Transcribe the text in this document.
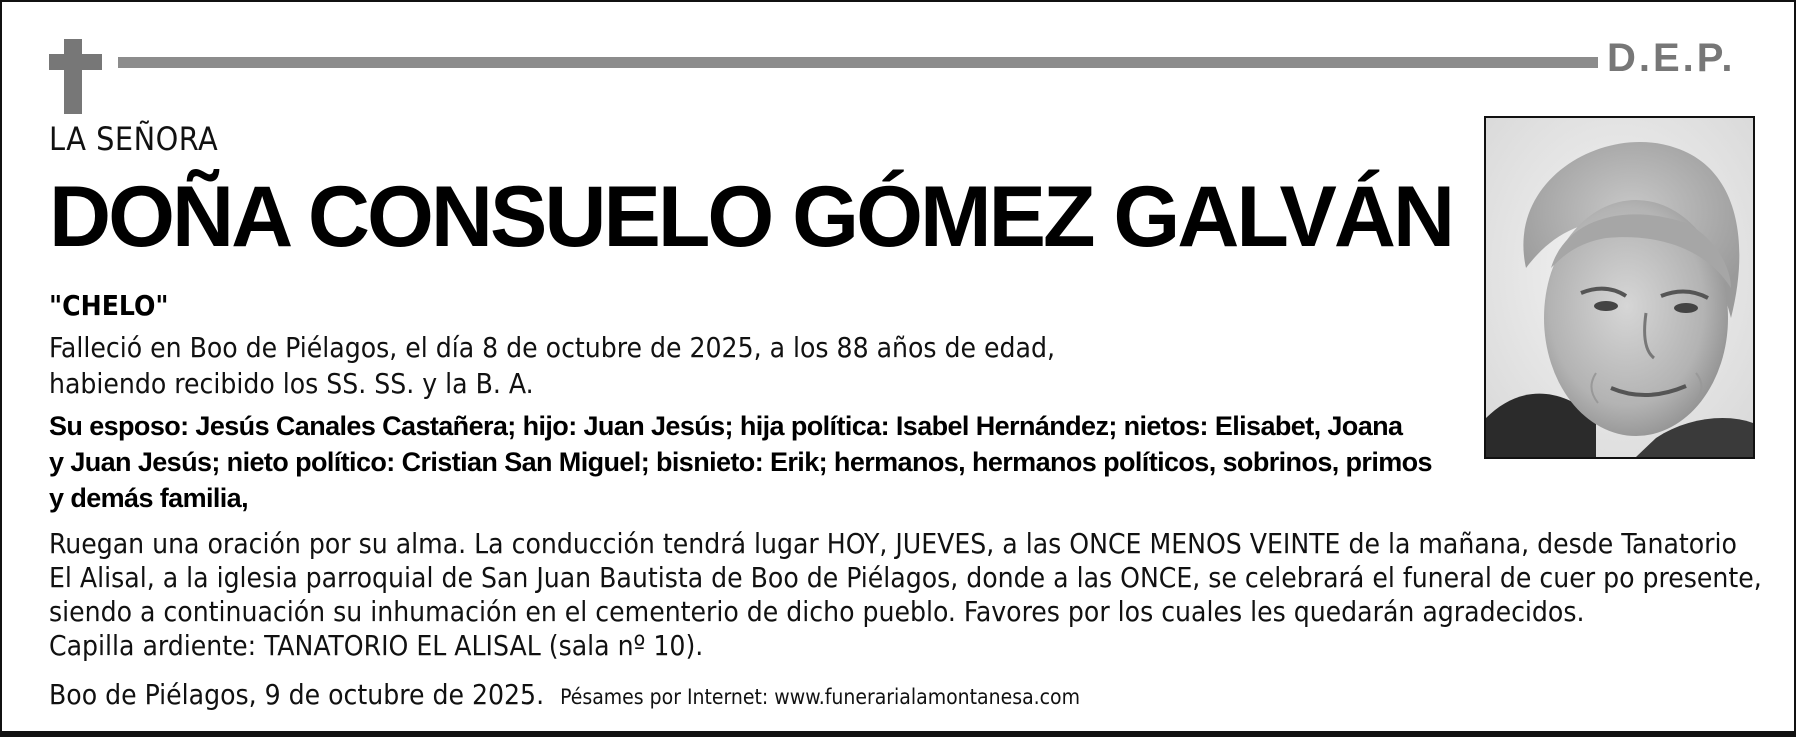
D.E.P.
LA SEÑORA
DOÑA CONSUELO GÓMEZ GALVÁN
"CHELO"
Falleció en Boo de Piélagos, el día 8 de octubre de 2025, a los 88 años de edad,
habiendo recibido los SS. SS. y la B. A.
Su esposo: Jesús Canales Castañera; hijo: Juan Jesús; hija política: Isabel Hernández; nietos: Elisabet, Joana
y Juan Jesús; nieto político: Cristian San Miguel; bisnieto: Erik; hermanos, hermanos políticos, sobrinos, primos
y demás familia,
Ruegan una oración por su alma. La conducción tendrá lugar HOY, JUEVES, a las ONCE MENOS VEINTE de la mañana, desde Tanatorio
El Alisal, a la iglesia parroquial de San Juan Bautista de Boo de Piélagos, donde a las ONCE, se celebrará el funeral de cuer po presente,
siendo a continuación su inhumación en el cementerio de dicho pueblo. Favores por los cuales les quedarán agradecidos.
Capilla ardiente: TANATORIO EL ALISAL (sala nº 10).
Boo de Piélagos, 9 de octubre de 2025. Pésames por Internet: www.funerarialamontanesa.com
